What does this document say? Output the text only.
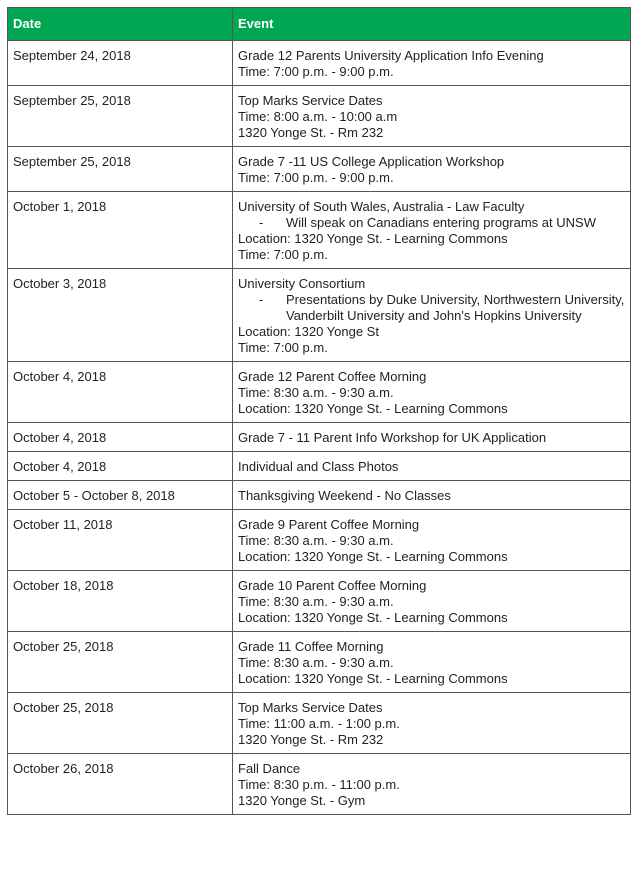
Date	Event
September 24, 2018	Grade 12 Parents University Application Info Evening
Time: 7:00 p.m. - 9:00 p.m.

September 25, 2018	Top Marks Service Dates
Time: 8:00 a.m. - 10:00 a.m
1320 Yonge St. - Rm 232

September 25, 2018	Grade 7 -11 US College Application Workshop
Time: 7:00 p.m. - 9:00 p.m.

October 1, 2018	University of South Wales, Australia - Law Faculty
- Will speak on Canadians entering programs at UNSW
Location: 1320 Yonge St. - Learning Commons
Time: 7:00 p.m.

October 3, 2018	University Consortium
- Presentations by Duke University, Northwestern University, Vanderbilt University and John's Hopkins University
Location: 1320 Yonge St
Time: 7:00 p.m.

October 4, 2018	Grade 12 Parent Coffee Morning
Time: 8:30 a.m. - 9:30 a.m.
Location: 1320 Yonge St. - Learning Commons

October 4, 2018	Grade 7 - 11 Parent Info Workshop for UK Application

October 4, 2018	Individual and Class Photos

October 5 - October 8, 2018	Thanksgiving Weekend - No Classes

October 11, 2018	Grade 9 Parent Coffee Morning
Time: 8:30 a.m. - 9:30 a.m.
Location: 1320 Yonge St. - Learning Commons

October 18, 2018	Grade 10 Parent Coffee Morning
Time: 8:30 a.m. - 9:30 a.m.
Location: 1320 Yonge St. - Learning Commons

October 25, 2018	Grade 11 Coffee Morning
Time: 8:30 a.m. - 9:30 a.m.
Location: 1320 Yonge St. - Learning Commons

October 25, 2018	Top Marks Service Dates
Time: 11:00 a.m. - 1:00 p.m.
1320 Yonge St. - Rm 232

October 26, 2018	Fall Dance
Time: 8:30 p.m. - 11:00 p.m.
1320 Yonge St. - Gym
